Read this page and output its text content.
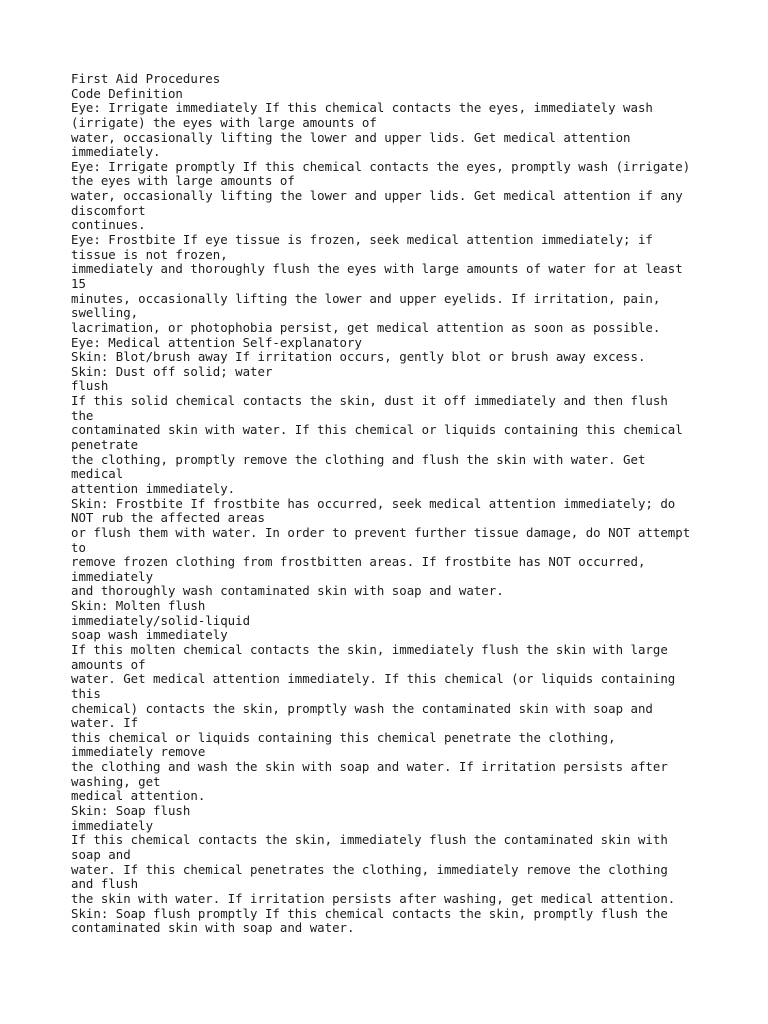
First Aid Procedures
Code Definition
Eye: Irrigate immediately If this chemical contacts the eyes, immediately wash
(irrigate) the eyes with large amounts of
water, occasionally lifting the lower and upper lids. Get medical attention
immediately.
Eye: Irrigate promptly If this chemical contacts the eyes, promptly wash (irrigate)
the eyes with large amounts of
water, occasionally lifting the lower and upper lids. Get medical attention if any
discomfort
continues.
Eye: Frostbite If eye tissue is frozen, seek medical attention immediately; if
tissue is not frozen,
immediately and thoroughly flush the eyes with large amounts of water for at least
15
minutes, occasionally lifting the lower and upper eyelids. If irritation, pain,
swelling,
lacrimation, or photophobia persist, get medical attention as soon as possible.
Eye: Medical attention Self-explanatory
Skin: Blot/brush away If irritation occurs, gently blot or brush away excess.
Skin: Dust off solid; water
flush
If this solid chemical contacts the skin, dust it off immediately and then flush
the
contaminated skin with water. If this chemical or liquids containing this chemical
penetrate
the clothing, promptly remove the clothing and flush the skin with water. Get
medical
attention immediately.
Skin: Frostbite If frostbite has occurred, seek medical attention immediately; do
NOT rub the affected areas
or flush them with water. In order to prevent further tissue damage, do NOT attempt
to
remove frozen clothing from frostbitten areas. If frostbite has NOT occurred,
immediately
and thoroughly wash contaminated skin with soap and water.
Skin: Molten flush
immediately/solid-liquid
soap wash immediately
If this molten chemical contacts the skin, immediately flush the skin with large
amounts of
water. Get medical attention immediately. If this chemical (or liquids containing
this
chemical) contacts the skin, promptly wash the contaminated skin with soap and
water. If
this chemical or liquids containing this chemical penetrate the clothing,
immediately remove
the clothing and wash the skin with soap and water. If irritation persists after
washing, get
medical attention.
Skin: Soap flush
immediately
If this chemical contacts the skin, immediately flush the contaminated skin with
soap and
water. If this chemical penetrates the clothing, immediately remove the clothing
and flush
the skin with water. If irritation persists after washing, get medical attention.
Skin: Soap flush promptly If this chemical contacts the skin, promptly flush the
contaminated skin with soap and water.
